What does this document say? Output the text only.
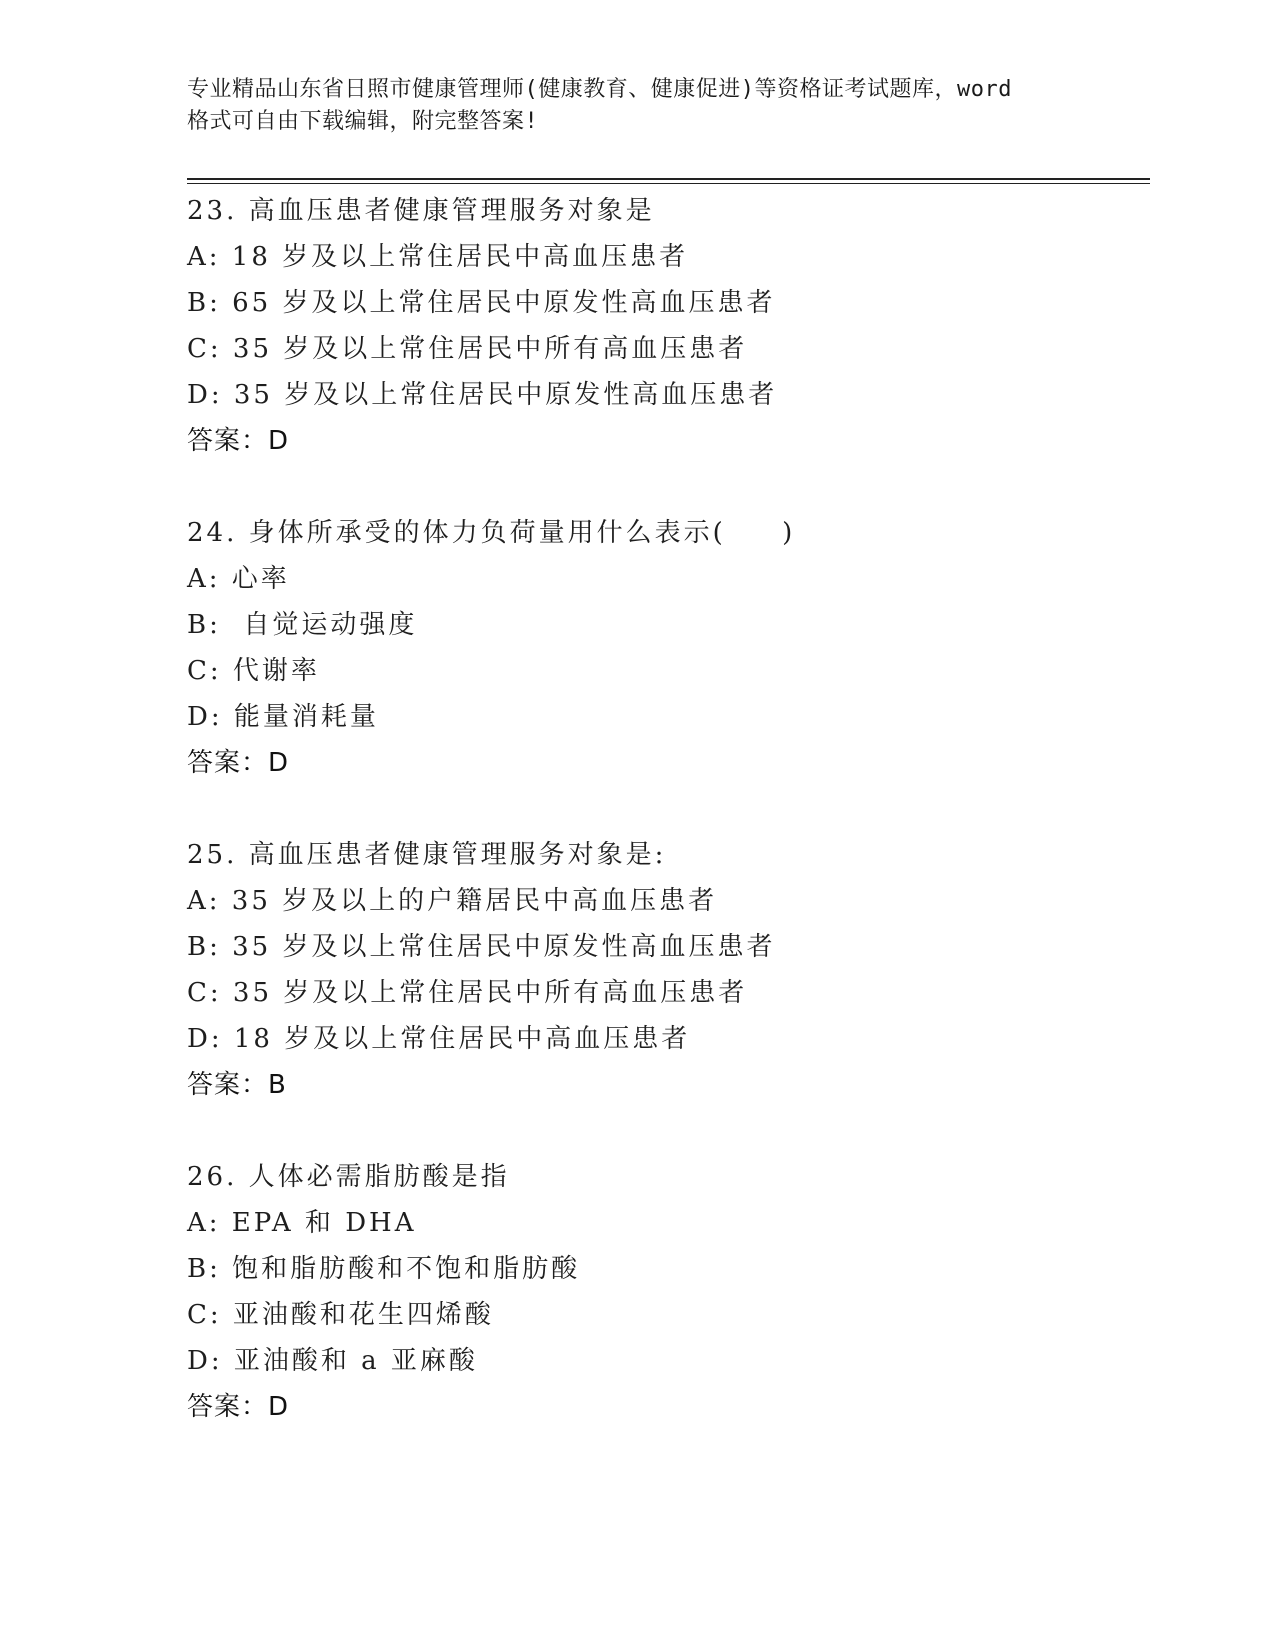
专业精品山东省日照市健康管理师(健康教育、健康促进)等资格证考试题库，word
格式可自由下载编辑，附完整答案!
23. 高血压患者健康管理服务对象是
A: 18 岁及以上常住居民中高血压患者
B: 65 岁及以上常住居民中原发性高血压患者
C: 35 岁及以上常住居民中所有高血压患者
D: 35 岁及以上常住居民中原发性高血压患者
答案：D
24. 身体所承受的体力负荷量用什么表示(     )
A: 心率
B:  自觉运动强度
C: 代谢率
D: 能量消耗量
答案：D
25. 高血压患者健康管理服务对象是:
A: 35 岁及以上的户籍居民中高血压患者
B: 35 岁及以上常住居民中原发性高血压患者
C: 35 岁及以上常住居民中所有高血压患者
D: 18 岁及以上常住居民中高血压患者
答案：B
26. 人体必需脂肪酸是指
A: EPA 和 DHA
B: 饱和脂肪酸和不饱和脂肪酸
C: 亚油酸和花生四烯酸
D: 亚油酸和 a 亚麻酸
答案：D
